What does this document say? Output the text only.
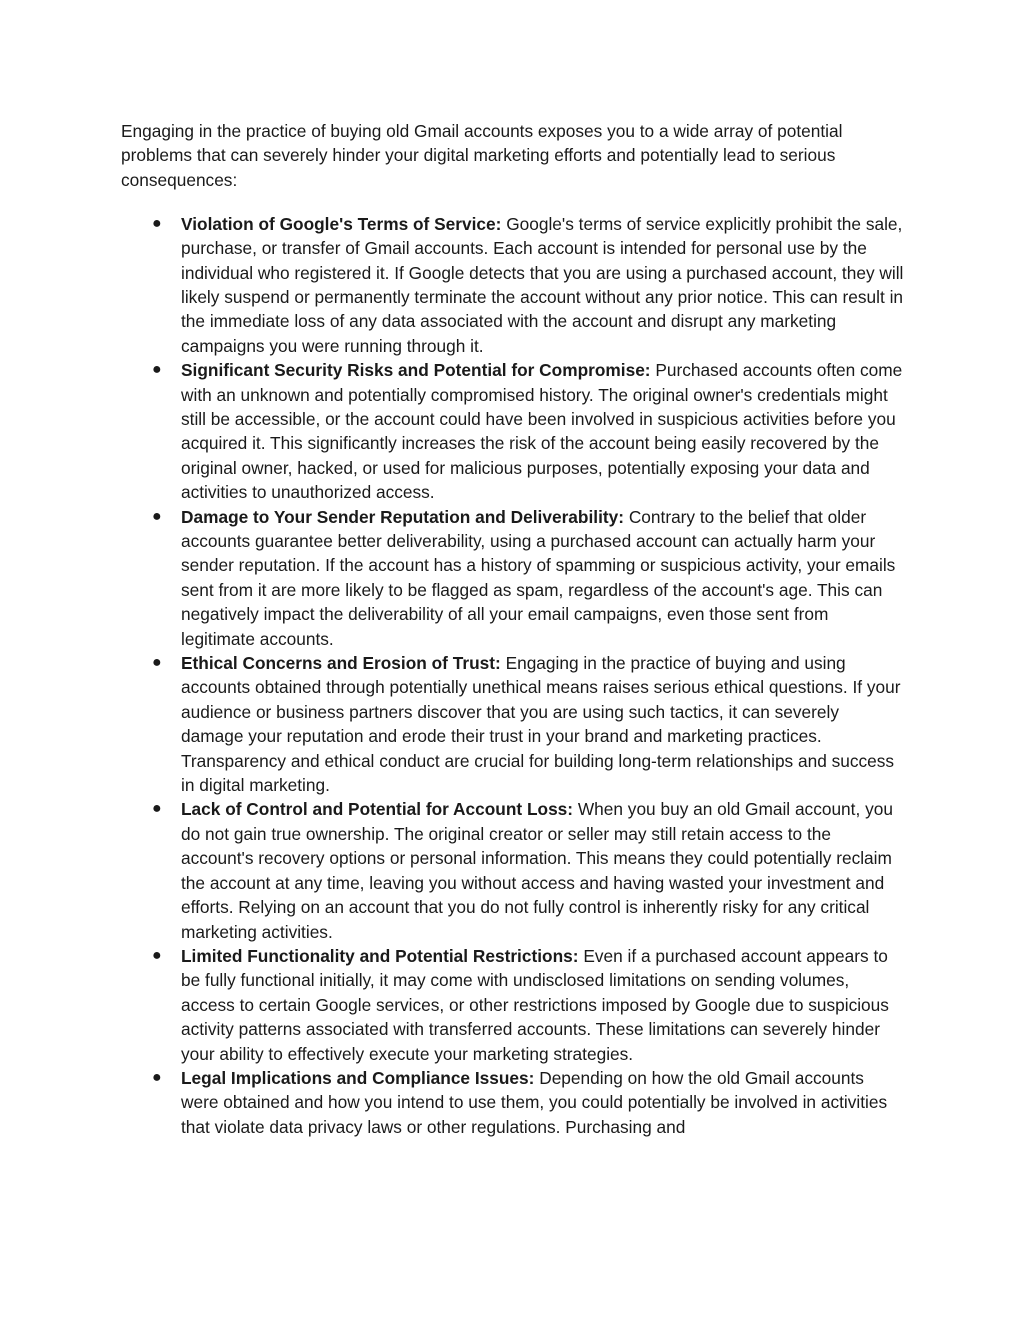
Engaging in the practice of buying old Gmail accounts exposes you to a wide array of potential problems that can severely hinder your digital marketing efforts and potentially lead to serious consequences:

● Violation of Google's Terms of Service: Google's terms of service explicitly prohibit the sale, purchase, or transfer of Gmail accounts. Each account is intended for personal use by the individual who registered it. If Google detects that you are using a purchased account, they will likely suspend or permanently terminate the account without any prior notice. This can result in the immediate loss of any data associated with the account and disrupt any marketing campaigns you were running through it.
● Significant Security Risks and Potential for Compromise: Purchased accounts often come with an unknown and potentially compromised history. The original owner's credentials might still be accessible, or the account could have been involved in suspicious activities before you acquired it. This significantly increases the risk of the account being easily recovered by the original owner, hacked, or used for malicious purposes, potentially exposing your data and activities to unauthorized access.
● Damage to Your Sender Reputation and Deliverability: Contrary to the belief that older accounts guarantee better deliverability, using a purchased account can actually harm your sender reputation. If the account has a history of spamming or suspicious activity, your emails sent from it are more likely to be flagged as spam, regardless of the account's age. This can negatively impact the deliverability of all your email campaigns, even those sent from legitimate accounts.
● Ethical Concerns and Erosion of Trust: Engaging in the practice of buying and using accounts obtained through potentially unethical means raises serious ethical questions. If your audience or business partners discover that you are using such tactics, it can severely damage your reputation and erode their trust in your brand and marketing practices. Transparency and ethical conduct are crucial for building long-term relationships and success in digital marketing.
● Lack of Control and Potential for Account Loss: When you buy an old Gmail account, you do not gain true ownership. The original creator or seller may still retain access to the account's recovery options or personal information. This means they could potentially reclaim the account at any time, leaving you without access and having wasted your investment and efforts. Relying on an account that you do not fully control is inherently risky for any critical marketing activities.
● Limited Functionality and Potential Restrictions: Even if a purchased account appears to be fully functional initially, it may come with undisclosed limitations on sending volumes, access to certain Google services, or other restrictions imposed by Google due to suspicious activity patterns associated with transferred accounts. These limitations can severely hinder your ability to effectively execute your marketing strategies.
● Legal Implications and Compliance Issues: Depending on how the old Gmail accounts were obtained and how you intend to use them, you could potentially be involved in activities that violate data privacy laws or other regulations. Purchasing and
